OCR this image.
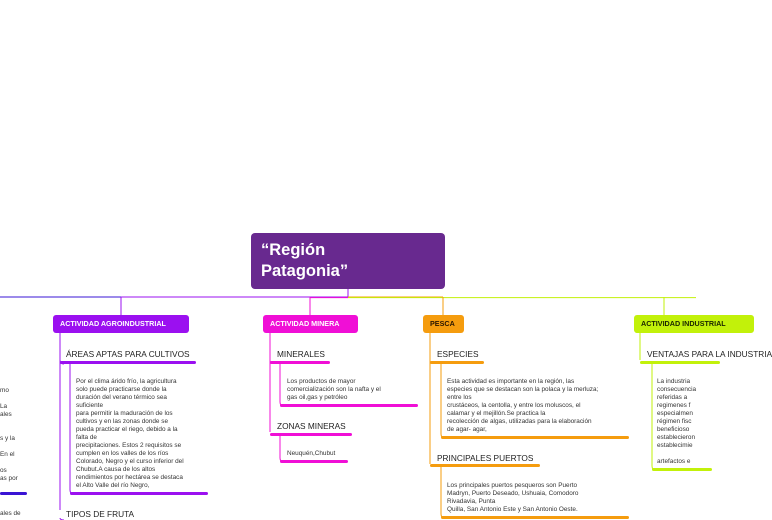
“Región
Patagonia”
ACTIVIDAD AGROINDUSTRIAL
ÁREAS APTAS PARA CULTIVOS
Por el clima árido frío, la agricultura
solo puede practicarse donde la
duración del verano térmico sea
suficiente
para permitir la maduración de los
cultivos y en las zonas donde se
pueda practicar el riego, debido a la
falta de
precipitaciones. Estos 2 requisitos se
cumplen en los valles de los ríos
Colorado, Negro y el curso inferior del
Chubut.A causa de los altos
rendimientos por hectárea se destaca
el Alto Valle del río Negro,
TIPOS DE FRUTA
ACTIVIDAD MINERA
MINERALES
Los productos de mayor
comercialización son la nafta y el
gas oil,gas y petróleo
ZONAS MINERAS
Neuquén,Chubut
PESCA
ESPECIES
Esta actividad es importante en la región, las
especies que se destacan son la polaca y la merluza;
entre los
crustáceos, la centolla, y entre los moluscos, el
calamar y el mejillón.Se practica la
recolección de algas, utilizadas para la elaboración
de agar- agar,
PRINCIPALES PUERTOS
Los principales puertos pesqueros son Puerto
Madryn, Puerto Deseado, Ushuaia, Comodoro
Rivadavia, Punta
Quilla, San Antonio Este y San Antonio Oeste.
ACTIVIDAD INDUSTRIAL
VENTAJAS PARA LA INDUSTRIA
La industria
consecuencia
referidas a
regimenes f
especialmen
régimen fisc
beneficioso
establecieron
establecimie

artefactos e
mo
La
ales
s y la
En el
os
as por
ales de
